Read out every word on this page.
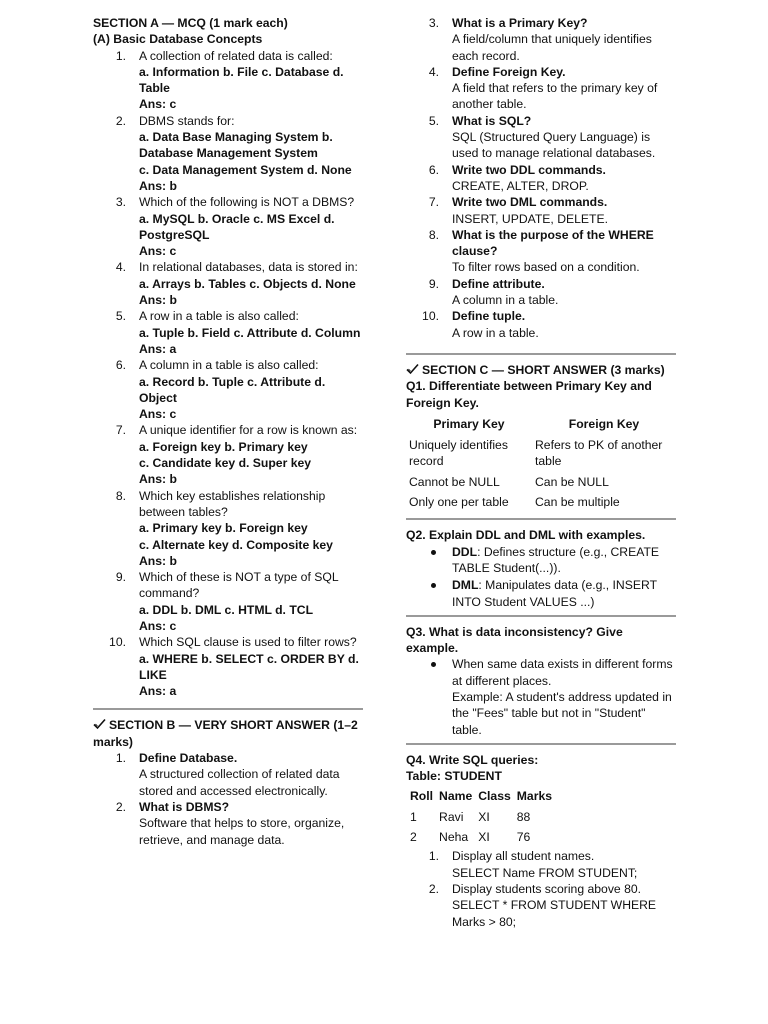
SECTION A — MCQ (1 mark each)
(A) Basic Database Concepts
1. A collection of related data is called:
a. Information b. File c. Database d. Table
Ans: c
2. DBMS stands for:
a. Data Base Managing System b. Database Management System
c. Data Management System d. None
Ans: b
3. Which of the following is NOT a DBMS?
a. MySQL b. Oracle c. MS Excel d. PostgreSQL
Ans: c
4. In relational databases, data is stored in:
a. Arrays b. Tables c. Objects d. None
Ans: b
5. A row in a table is also called:
a. Tuple b. Field c. Attribute d. Column
Ans: a
6. A column in a table is also called:
a. Record b. Tuple c. Attribute d. Object
Ans: c
7. A unique identifier for a row is known as:
a. Foreign key b. Primary key
c. Candidate key d. Super key
Ans: b
8. Which key establishes relationship between tables?
a. Primary key b. Foreign key
c. Alternate key d. Composite key
Ans: b
9. Which of these is NOT a type of SQL command?
a. DDL b. DML c. HTML d. TCL
Ans: c
10. Which SQL clause is used to filter rows?
a. WHERE b. SELECT c. ORDER BY d. LIKE
Ans: a
SECTION B — VERY SHORT ANSWER (1–2 marks)
1. Define Database.
A structured collection of related data stored and accessed electronically.
2. What is DBMS?
Software that helps to store, organize, retrieve, and manage data.
3. What is a Primary Key?
A field/column that uniquely identifies each record.
4. Define Foreign Key.
A field that refers to the primary key of another table.
5. What is SQL?
SQL (Structured Query Language) is used to manage relational databases.
6. Write two DDL commands.
CREATE, ALTER, DROP.
7. Write two DML commands.
INSERT, UPDATE, DELETE.
8. What is the purpose of the WHERE clause?
To filter rows based on a condition.
9. Define attribute.
A column in a table.
10. Define tuple.
A row in a table.
SECTION C — SHORT ANSWER (3 marks)
Q1. Differentiate between Primary Key and Foreign Key.
Primary Key	Foreign Key
Uniquely identifies record	Refers to PK of another table
Cannot be NULL	Can be NULL
Only one per table	Can be multiple
Q2. Explain DDL and DML with examples.
DDL: Defines structure (e.g., CREATE TABLE Student(...)).
DML: Manipulates data (e.g., INSERT INTO Student VALUES ...)
Q3. What is data inconsistency? Give example.
When same data exists in different forms at different places.
Example: A student's address updated in the "Fees" table but not in "Student" table.
Q4. Write SQL queries:
Table: STUDENT
Roll	Name	Class	Marks
1	Ravi	XI	88
2	Neha	XI	76
1. Display all student names.
SELECT Name FROM STUDENT;
2. Display students scoring above 80.
SELECT * FROM STUDENT WHERE Marks > 80;
